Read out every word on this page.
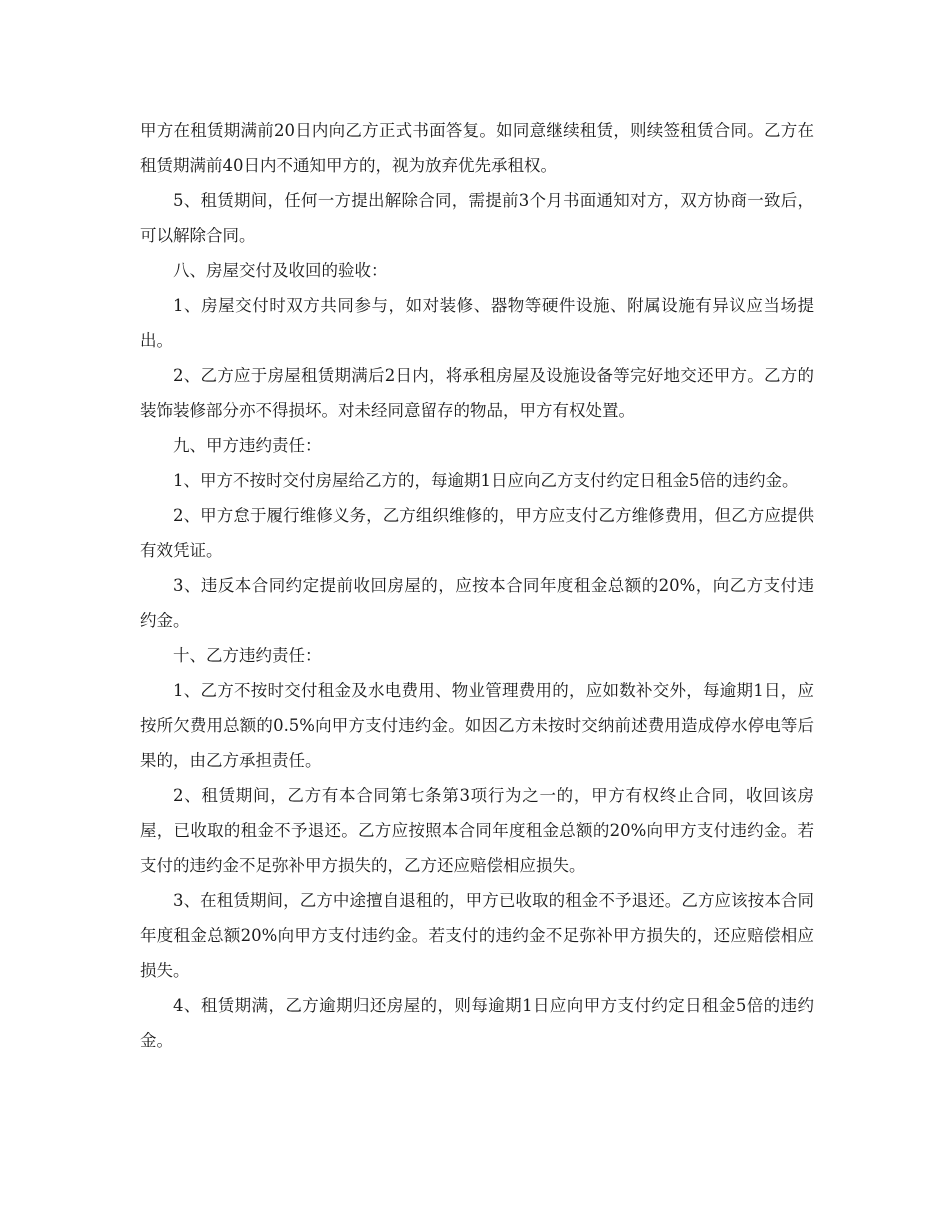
甲方在租赁期满前20日内向乙方正式书面答复。如同意继续租赁，则续签租赁合同。乙方在租赁期满前40日内不通知甲方的，视为放弃优先承租权。

5、租赁期间，任何一方提出解除合同，需提前3个月书面通知对方，双方协商一致后，可以解除合同。

八、房屋交付及收回的验收：

1、房屋交付时双方共同参与，如对装修、器物等硬件设施、附属设施有异议应当场提出。

2、乙方应于房屋租赁期满后2日内，将承租房屋及设施设备等完好地交还甲方。乙方的装饰装修部分亦不得损坏。对未经同意留存的物品，甲方有权处置。

九、甲方违约责任：

1、甲方不按时交付房屋给乙方的，每逾期1日应向乙方支付约定日租金5倍的违约金。

2、甲方怠于履行维修义务，乙方组织维修的，甲方应支付乙方维修费用，但乙方应提供有效凭证。

3、违反本合同约定提前收回房屋的，应按本合同年度租金总额的20%，向乙方支付违约金。

十、乙方违约责任：

1、乙方不按时交付租金及水电费用、物业管理费用的，应如数补交外，每逾期1日，应按所欠费用总额的0.5%向甲方支付违约金。如因乙方未按时交纳前述费用造成停水停电等后果的，由乙方承担责任。

2、租赁期间，乙方有本合同第七条第3项行为之一的，甲方有权终止合同，收回该房屋，已收取的租金不予退还。乙方应按照本合同年度租金总额的20%向甲方支付违约金。若支付的违约金不足弥补甲方损失的，乙方还应赔偿相应损失。

3、在租赁期间，乙方中途擅自退租的，甲方已收取的租金不予退还。乙方应该按本合同年度租金总额20%向甲方支付违约金。若支付的违约金不足弥补甲方损失的，还应赔偿相应损失。

4、租赁期满，乙方逾期归还房屋的，则每逾期1日应向甲方支付约定日租金5倍的违约金。
